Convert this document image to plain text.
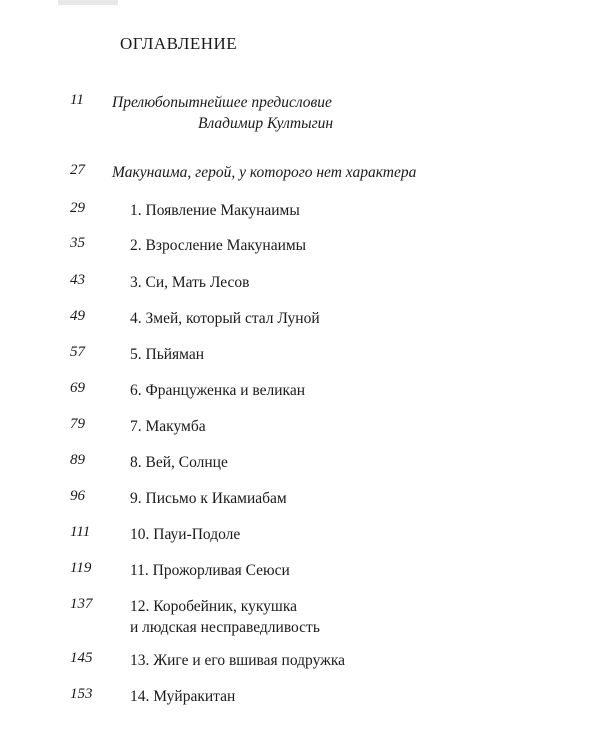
ОГЛАВЛЕНИЕ
11	Прелюбопытнейшее предисловие
Владимир Култыгин
27	Макунаима, герой, у которого нет характера
29	1. Появление Макунаимы
35	2. Взросление Макунаимы
43	3. Си, Мать Лесов
49	4. Змей, который стал Луной
57	5. Пьйяман
69	6. Француженка и великан
79	7. Макумба
89	8. Вей, Солнце
96	9. Письмо к Икамиабам
111	10. Пауи-Подоле
119	11. Прожорливая Сеюси
137	12. Коробейник, кукушка
и людская несправедливость
145	13. Жиге и его вшивая подружка
153	14. Муйракитан
